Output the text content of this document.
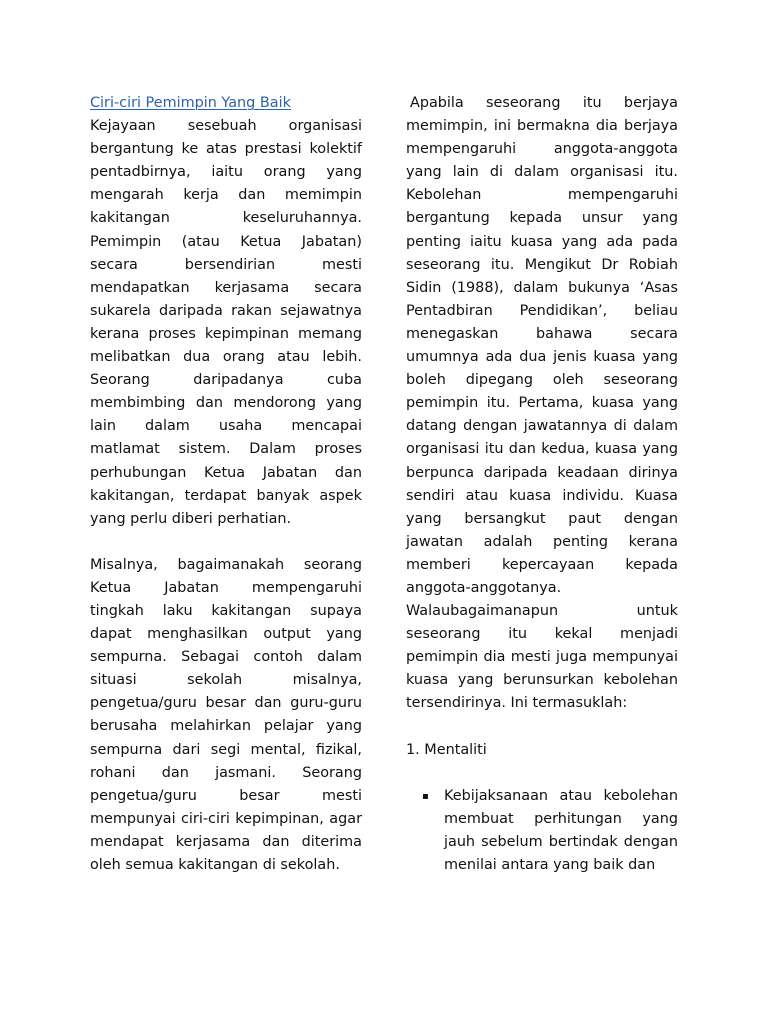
Ciri-ciri Pemimpin Yang Baik

Kejayaan sesebuah organisasi bergantung ke atas prestasi kolektif pentadbirnya, iaitu orang yang mengarah kerja dan memimpin kakitangan keseluruhannya. Pemimpin (atau Ketua Jabatan) secara bersendirian mesti mendapatkan kerjasama secara sukarela daripada rakan sejawatnya kerana proses kepimpinan memang melibatkan dua orang atau lebih. Seorang daripadanya cuba membimbing dan mendorong yang lain dalam usaha mencapai matlamat sistem. Dalam proses perhubungan Ketua Jabatan dan kakitangan, terdapat banyak aspek yang perlu diberi perhatian.

Misalnya, bagaimanakah seorang Ketua Jabatan mempengaruhi tingkah laku kakitangan supaya dapat menghasilkan output yang sempurna. Sebagai contoh dalam situasi sekolah misalnya, pengetua/guru besar dan guru-guru berusaha melahirkan pelajar yang sempurna dari segi mental, fizikal, rohani dan jasmani. Seorang pengetua/guru besar mesti mempunyai ciri-ciri kepimpinan, agar mendapat kerjasama dan diterima oleh semua kakitangan di sekolah.

Apabila seseorang itu berjaya memimpin, ini bermakna dia berjaya mempengaruhi anggota-anggota yang lain di dalam organisasi itu. Kebolehan mempengaruhi bergantung kepada unsur yang penting iaitu kuasa yang ada pada seseorang itu. Mengikut Dr Robiah Sidin (1988), dalam bukunya ‘Asas Pentadbiran Pendidikan’, beliau menegaskan bahawa secara umumnya ada dua jenis kuasa yang boleh dipegang oleh seseorang pemimpin itu. Pertama, kuasa yang datang dengan jawatannya di dalam organisasi itu dan kedua, kuasa yang berpunca daripada keadaan dirinya sendiri atau kuasa individu. Kuasa yang bersangkut paut dengan jawatan adalah penting kerana memberi kepercayaan kepada anggota-anggotanya. Walaubagaimanapun untuk seseorang itu kekal menjadi pemimpin dia mesti juga mempunyai kuasa yang berunsurkan kebolehan tersendirinya. Ini termasuklah:

1. Mentaliti

▪ Kebijaksanaan atau kebolehan membuat perhitungan yang jauh sebelum bertindak dengan menilai antara yang baik dan
